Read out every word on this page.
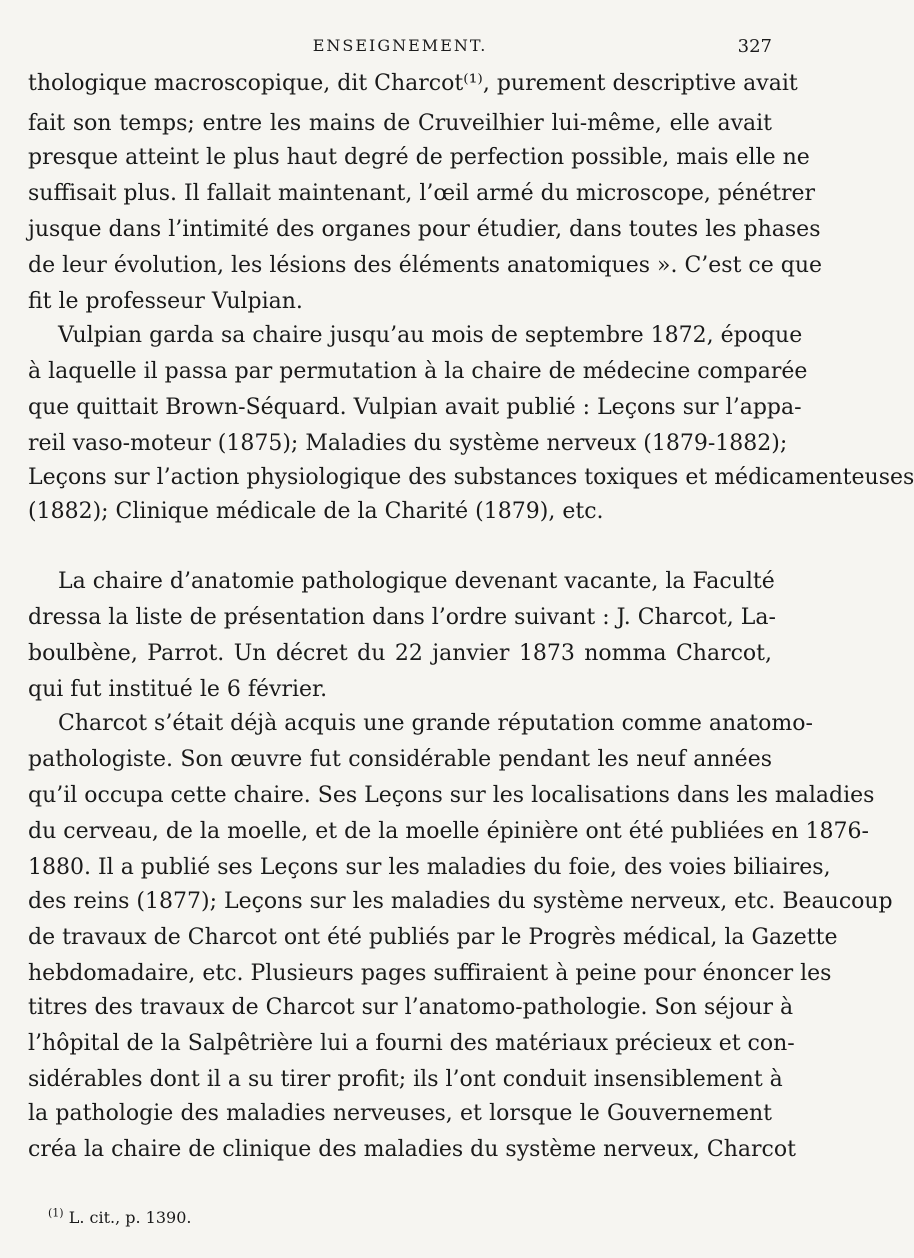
ENSEIGNEMENT.	327
thologique macroscopique, dit Charcot⁽¹⁾, purement descriptive avait
fait son temps; entre les mains de Cruveilhier lui-même, elle avait
presque atteint le plus haut degré de perfection possible, mais elle ne
suffisait plus. Il fallait maintenant, l’œil armé du microscope, pénétrer
jusque dans l’intimité des organes pour étudier, dans toutes les phases
de leur évolution, les lésions des éléments anatomiques ». C’est ce que
fit le professeur Vulpian.
Vulpian garda sa chaire jusqu’au mois de septembre 1872, époque
à laquelle il passa par permutation à la chaire de médecine comparée
que quittait Brown-Séquard. Vulpian avait publié : Leçons sur l’appa-
reil vaso-moteur (1875); Maladies du système nerveux (1879-1882);
Leçons sur l’action physiologique des substances toxiques et médicamenteuses
(1882); Clinique médicale de la Charité (1879), etc.
La chaire d’anatomie pathologique devenant vacante, la Faculté
dressa la liste de présentation dans l’ordre suivant : J. Charcot, La-
boulbène, Parrot. Un décret du 22 janvier 1873 nomma Charcot,
qui fut institué le 6 février.
Charcot s’était déjà acquis une grande réputation comme anatomo-
pathologiste. Son œuvre fut considérable pendant les neuf années
qu’il occupa cette chaire. Ses Leçons sur les localisations dans les maladies
du cerveau, de la moelle, et de la moelle épinière ont été publiées en 1876-
1880. Il a publié ses Leçons sur les maladies du foie, des voies biliaires,
des reins (1877); Leçons sur les maladies du système nerveux, etc. Beaucoup
de travaux de Charcot ont été publiés par le Progrès médical, la Gazette
hebdomadaire, etc. Plusieurs pages suffiraient à peine pour énoncer les
titres des travaux de Charcot sur l’anatomo-pathologie. Son séjour à
l’hôpital de la Salpêtrière lui a fourni des matériaux précieux et con-
sidérables dont il a su tirer profit; ils l’ont conduit insensiblement à
la pathologie des maladies nerveuses, et lorsque le Gouvernement
créa la chaire de clinique des maladies du système nerveux, Charcot
$^{(1)}$ L. cit., p. 1390.
